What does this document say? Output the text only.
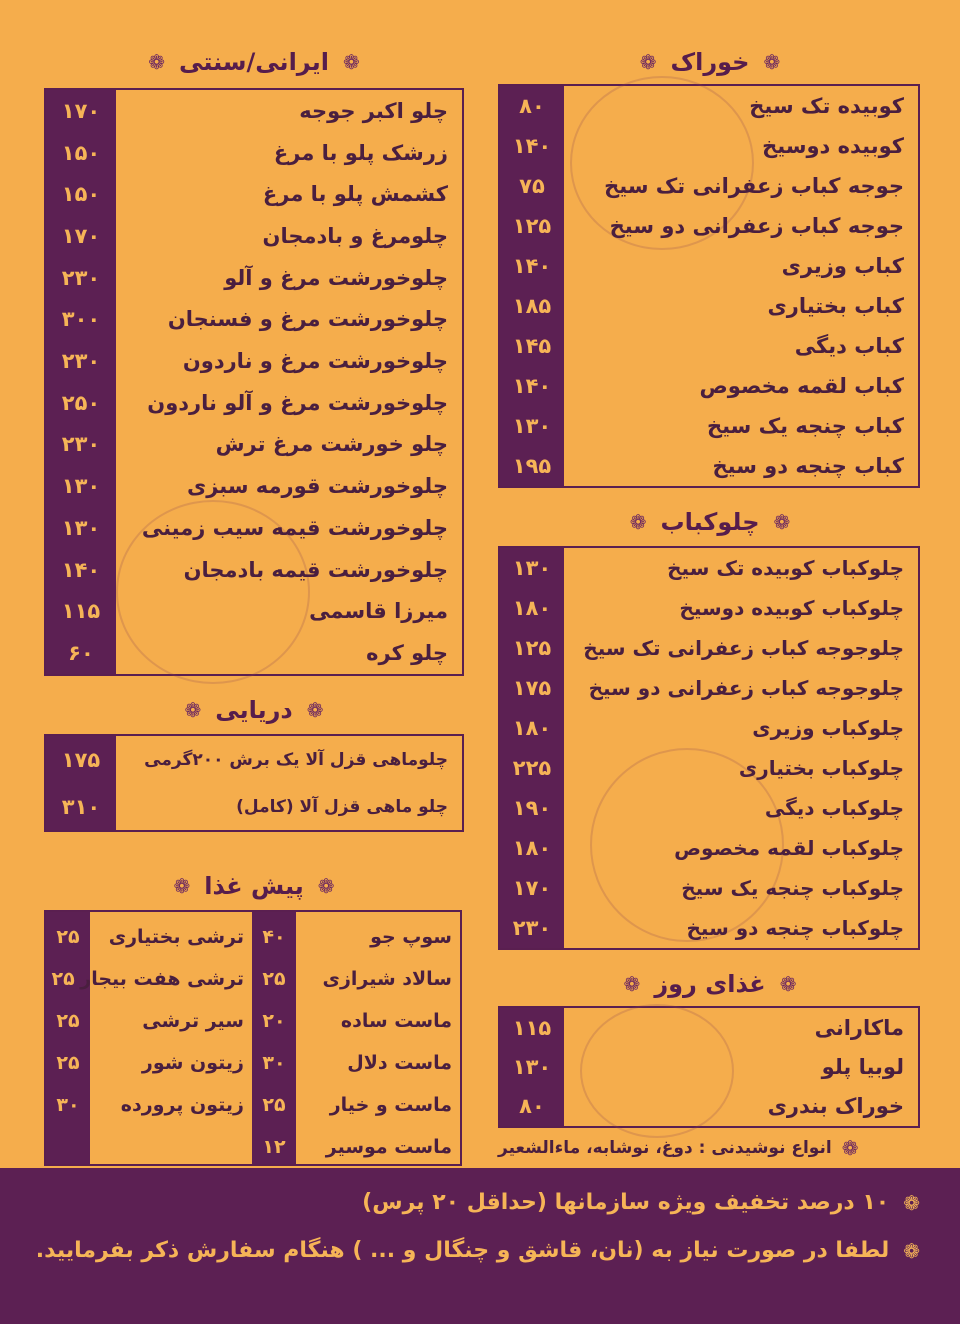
❁
خوراک
❁
۸۰	کوبیده تک سیخ
۱۴۰	کوبیده دوسیخ
۷۵	جوجه کباب زعفرانی تک سیخ
۱۲۵	جوجه کباب زعفرانی دو سیخ
۱۴۰	کباب وزیری
۱۸۵	کباب بختیاری
۱۴۵	کباب دیگی
۱۴۰	کباب لقمه مخصوص
۱۳۰	کباب چنجه یک سیخ
۱۹۵	کباب چنجه دو سیخ
❁
چلوکباب
❁
۱۳۰	چلوکباب کوبیده تک سیخ
۱۸۰	چلوکباب کوبیده دوسیخ
۱۲۵	چلوجوجه کباب زعفرانی تک سیخ
۱۷۵	چلوجوجه کباب زعفرانی دو سیخ
۱۸۰	چلوکباب وزیری
۲۲۵	چلوکباب بختیاری
۱۹۰	چلوکباب دیگی
۱۸۰	چلوکباب لقمه مخصوص
۱۷۰	چلوکباب چنجه یک سیخ
۲۳۰	چلوکباب چنجه دو سیخ
❁
غذای روز
❁
۱۱۵	ماکارانی
۱۳۰	لوبیا پلو
۸۰	خوراک بندری
❁
انواع نوشیدنی : دوغ، نوشابه، ماءالشعیر
❁
ایرانی/سنتی
❁
۱۷۰	چلو اکبر جوجه
۱۵۰	زرشک پلو با مرغ
۱۵۰	کشمش پلو با مرغ
۱۷۰	چلومرغ و بادمجان
۲۳۰	چلوخورشت مرغ و آلو
۳۰۰	چلوخورشت مرغ و فسنجان
۲۳۰	چلوخورشت مرغ و ناردون
۲۵۰	چلوخورشت مرغ و آلو ناردون
۲۳۰	چلو خورشت مرغ ترش
۱۳۰	چلوخورشت قورمه سبزی
۱۳۰	چلوخورشت قیمه سیب زمینی
۱۴۰	چلوخورشت قیمه بادمجان
۱۱۵	میرزا قاسمی
۶۰	چلو کره
❁
دریایی
❁
۱۷۵	چلوماهی قزل آلا یک برش ۲۰۰گرمی
۳۱۰	چلو ماهی قزل آلا (کامل)
❁
پیش غذا
❁
۲۵	ترشی بختیاری
۲۵ ترشی هفت بیجار
۲۵	سیر ترشی
۲۵	زیتون شور
۳۰	زیتون پرورده
۴۰	سوپ جو
۲۵	سالاد شیرازی
۲۰	ماست ساده
۳۰	ماست دلال
۲۵	ماست و خیار
۱۲	ماست موسیر
❁
۱۰ درصد تخفیف ویژه سازمانها (حداقل ۲۰ پرس)
❁
لطفا در صورت نیاز به (نان، قاشق و چنگال و ... ) هنگام سفارش ذکر بفرمایید.
